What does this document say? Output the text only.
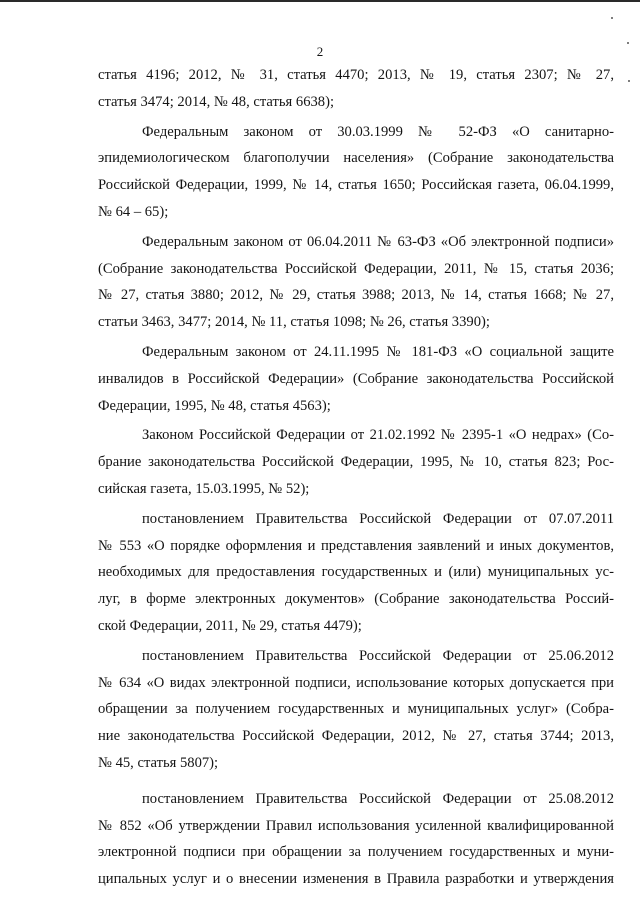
2
статья 4196; 2012, № 31, статья 4470; 2013, № 19, статья 2307; № 27,
статья 3474; 2014, № 48, статья 6638);
Федеральным законом от 30.03.1999 № 52-ФЗ «О санитарно-
эпидемиологическом благополучии населения» (Собрание законодательства
Российской Федерации, 1999, № 14, статья 1650; Российская газета, 06.04.1999,
№ 64 – 65);
Федеральным законом от 06.04.2011 № 63-ФЗ «Об электронной подписи»
(Собрание законодательства Российской Федерации, 2011, № 15, статья 2036;
№ 27, статья 3880; 2012, № 29, статья 3988; 2013, № 14, статья 1668; № 27,
статьи 3463, 3477; 2014, № 11, статья 1098; № 26, статья 3390);
Федеральным законом от 24.11.1995 № 181-ФЗ «О социальной защите
инвалидов в Российской Федерации» (Собрание законодательства Российской
Федерации, 1995, № 48, статья 4563);
Законом Российской Федерации от 21.02.1992 № 2395-1 «О недрах» (Со-
брание законодательства Российской Федерации, 1995, № 10, статья 823; Рос-
сийская газета, 15.03.1995, № 52);
постановлением Правительства Российской Федерации от 07.07.2011
№ 553 «О порядке оформления и представления заявлений и иных документов,
необходимых для предоставления государственных и (или) муниципальных ус-
луг, в форме электронных документов» (Собрание законодательства Россий-
ской Федерации, 2011, № 29, статья 4479);
постановлением Правительства Российской Федерации от 25.06.2012
№ 634 «О видах электронной подписи, использование которых допускается при
обращении за получением государственных и муниципальных услуг» (Собра-
ние законодательства Российской Федерации, 2012, № 27, статья 3744; 2013,
№ 45, статья 5807);
постановлением Правительства Российской Федерации от 25.08.2012
№ 852 «Об утверждении Правил использования усиленной квалифицированной
электронной подписи при обращении за получением государственных и муни-
ципальных услуг и о внесении изменения в Правила разработки и утверждения
